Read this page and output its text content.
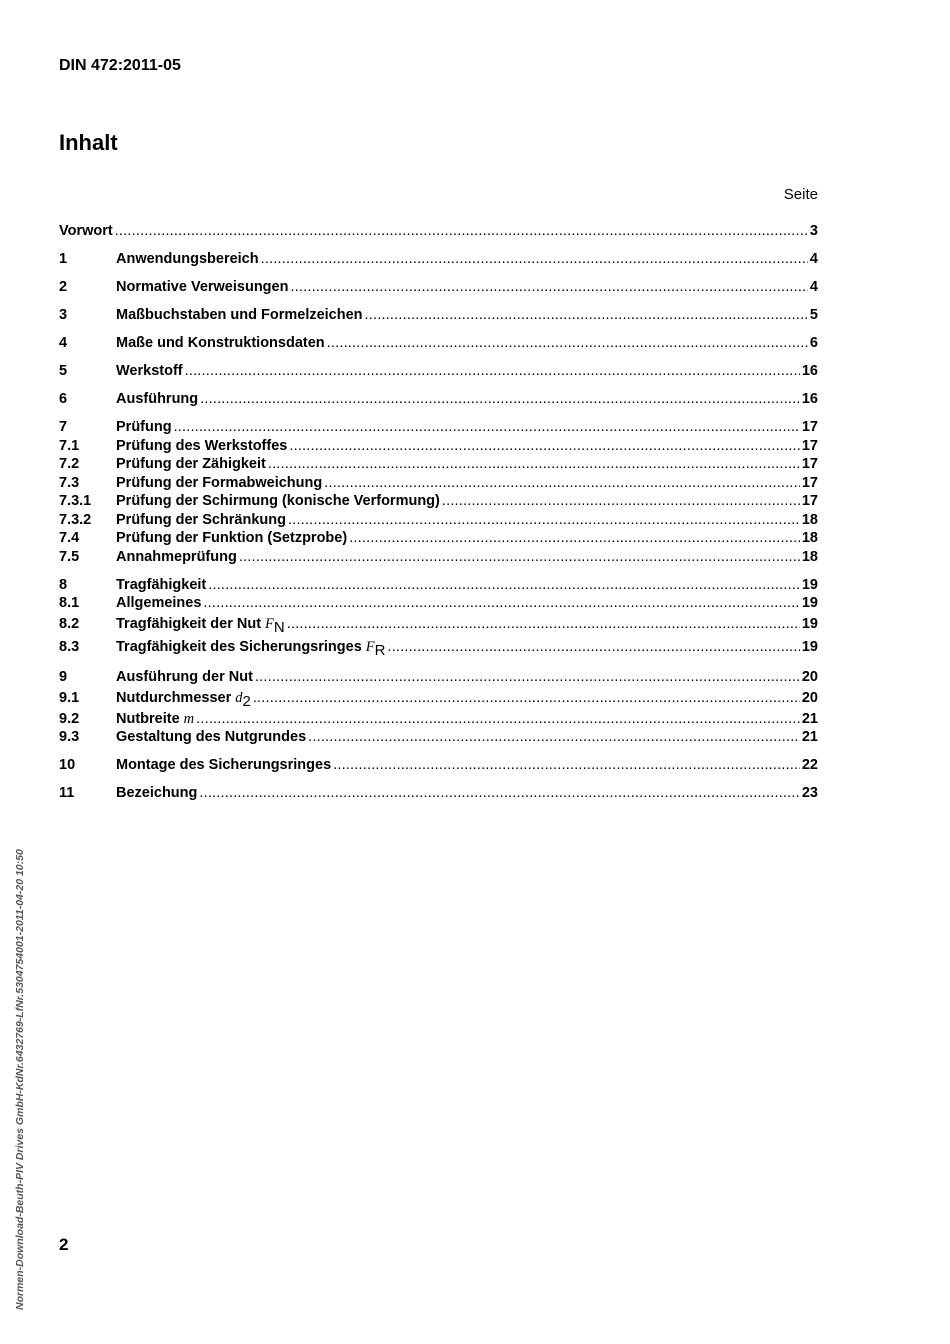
DIN 472:2011-05
Inhalt
Seite
Vorwort .....	3
1	Anwendungsbereich .....	4
2	Normative Verweisungen .....	4
3	Maßbuchstaben und Formelzeichen .....	5
4	Maße und Konstruktionsdaten .....	6
5	Werkstoff .....	16
6	Ausführung .....	16
7	Prüfung .....	17
7.1	Prüfung des Werkstoffes .....	17
7.2	Prüfung der Zähigkeit .....	17
7.3	Prüfung der Formabweichung .....	17
7.3.1	Prüfung der Schirmung (konische Verformung) .....	17
7.3.2	Prüfung der Schränkung .....	18
7.4	Prüfung der Funktion (Setzprobe) .....	18
7.5	Annahmeprüfung .....	18
8	Tragfähigkeit .....	19
8.1	Allgemeines .....	19
8.2	Tragfähigkeit der Nut $F_N$ .....	19
8.3	Tragfähigkeit des Sicherungsringes $F_R$ .....	19
9	Ausführung der Nut .....	20
9.1	Nutdurchmesser $d_2$ .....	20
9.2	Nutbreite m .....	21
9.3	Gestaltung des Nutgrundes .....	21
10	Montage des Sicherungsringes .....	22
11	Bezeichung .....	23
2
Normen-Download-Beuth-PIV Drives GmbH-KdNr.6432769-LfNr.5304754001-2011-04-20 10:50
